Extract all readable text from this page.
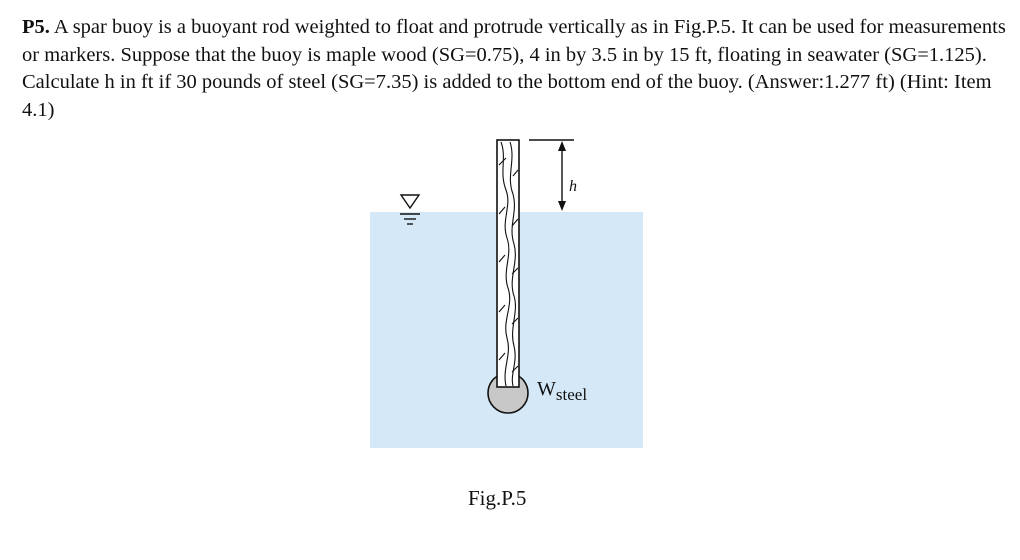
P5. A spar buoy is a buoyant rod weighted to float and protrude vertically as in Fig.P.5. It can be used for measurements or markers. Suppose that the buoy is maple wood (SG=0.75), 4 in by 3.5 in by 15 ft, floating in seawater (SG=1.125). Calculate h in ft if 30 pounds of steel (SG=7.35) is added to the bottom end of the buoy. (Answer:1.277 ft) (Hint: Item 4.1)

h
$W_{steel}$

Fig.P.5
